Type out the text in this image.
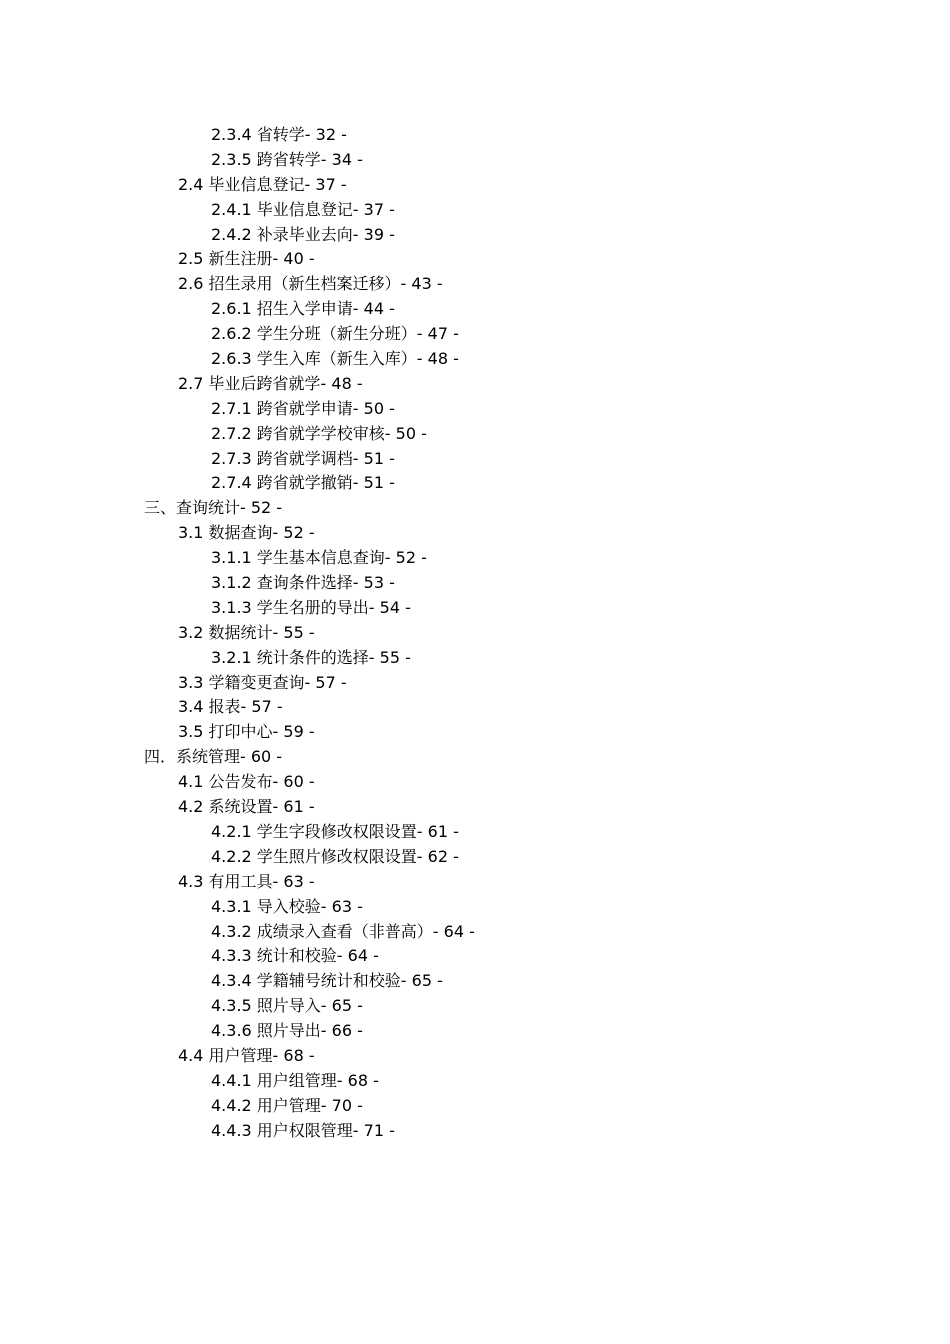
2.3.4 省转学- 32 -
2.3.5 跨省转学- 34 -
2.4 毕业信息登记- 37 -
2.4.1 毕业信息登记- 37 -
2.4.2 补录毕业去向- 39 -
2.5 新生注册- 40 -
2.6 招生录用（新生档案迁移）- 43 -
2.6.1 招生入学申请- 44 -
2.6.2 学生分班（新生分班）- 47 -
2.6.3 学生入库（新生入库）- 48 -
2.7 毕业后跨省就学- 48 -
2.7.1 跨省就学申请- 50 -
2.7.2 跨省就学学校审核- 50 -
2.7.3 跨省就学调档- 51 -
2.7.4 跨省就学撤销- 51 -
三、查询统计- 52 -
3.1 数据查询- 52 -
3.1.1 学生基本信息查询- 52 -
3.1.2 查询条件选择- 53 -
3.1.3 学生名册的导出- 54 -
3.2 数据统计- 55 -
3.2.1 统计条件的选择- 55 -
3.3 学籍变更查询- 57 -
3.4 报表- 57 -
3.5 打印中心- 59 -
四．系统管理- 60 -
4.1 公告发布- 60 -
4.2 系统设置- 61 -
4.2.1 学生字段修改权限设置- 61 -
4.2.2 学生照片修改权限设置- 62 -
4.3 有用工具- 63 -
4.3.1 导入校验- 63 -
4.3.2 成绩录入查看（非普高）- 64 -
4.3.3 统计和校验- 64 -
4.3.4 学籍辅号统计和校验- 65 -
4.3.5 照片导入- 65 -
4.3.6 照片导出- 66 -
4.4 用户管理- 68 -
4.4.1 用户组管理- 68 -
4.4.2 用户管理- 70 -
4.4.3 用户权限管理- 71 -
